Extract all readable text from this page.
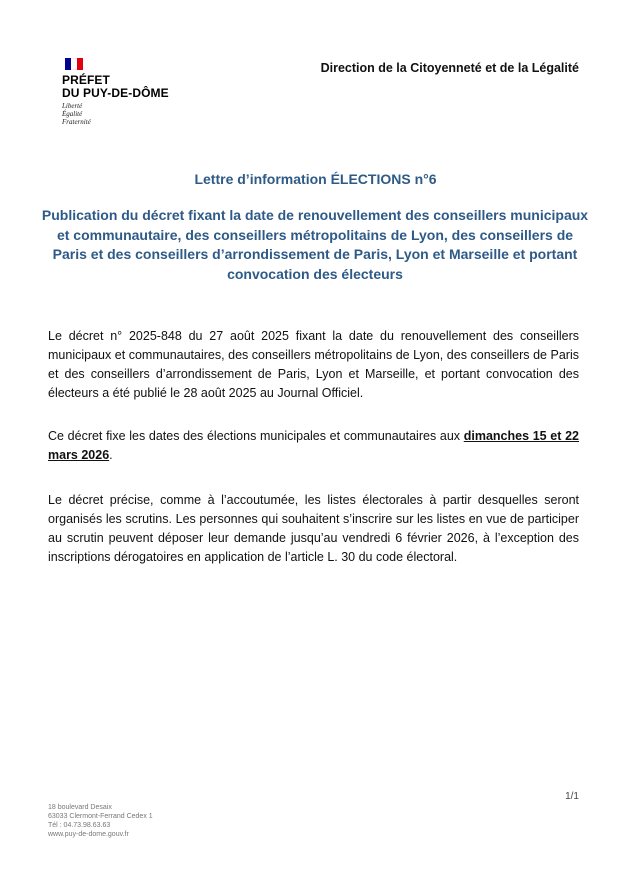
PRÉFET
DU PUY-DE-DÔME
Liberté
Égalité
Fraternité
Direction de la Citoyenneté et de la Légalité
Lettre d’information ÉLECTIONS n°6
Publication du décret fixant la date de renouvellement des conseillers municipaux et communautaire, des conseillers métropolitains de Lyon, des conseillers de Paris et des conseillers d’arrondissement de Paris, Lyon et Marseille et portant convocation des électeurs
Le décret n° 2025-848 du 27 août 2025 fixant la date du renouvellement des conseillers municipaux et communautaires, des conseillers métropolitains de Lyon, des conseillers de Paris et des conseillers d’arrondissement de Paris, Lyon et Marseille, et portant convocation des électeurs a été publié le 28 août 2025 au Journal Officiel.
Ce décret fixe les dates des élections municipales et communautaires aux dimanches 15 et 22 mars 2026.
Le décret précise, comme à l’accoutumée, les listes électorales à partir desquelles seront organisés les scrutins. Les personnes qui souhaitent s’inscrire sur les listes en vue de participer au scrutin peuvent déposer leur demande jusqu’au vendredi 6 février 2026, à l’exception des inscriptions dérogatoires en application de l’article L. 30 du code électoral.
1/1
18 boulevard Desaix
63033 Clermont-Ferrand Cedex 1
Tél : 04.73.98.63.63
www.puy-de-dome.gouv.fr
